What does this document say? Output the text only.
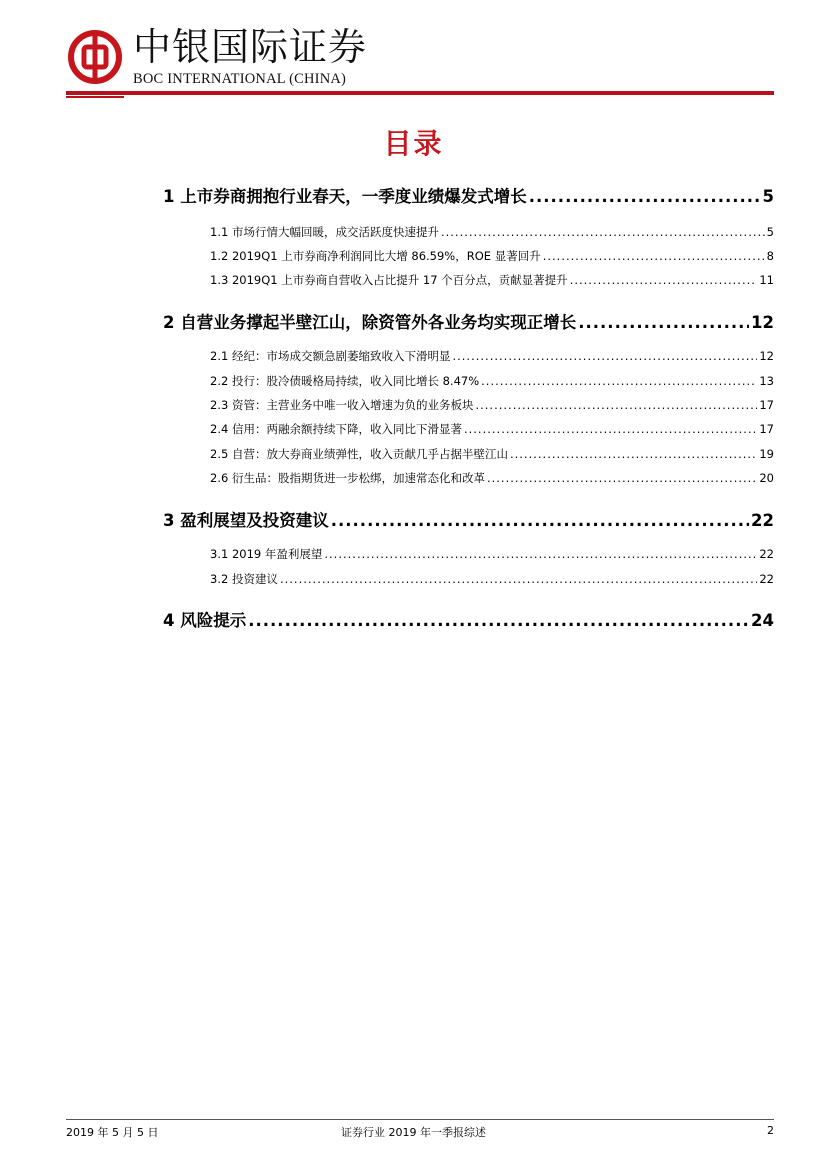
中银国际证券
BOC INTERNATIONAL (CHINA)
目录
1 上市券商拥抱行业春天，一季度业绩爆发式增长 .....	5
1.1 市场行情大幅回暖，成交活跃度快速提升 .....	5
1.2 2019Q1 上市券商净利润同比大增 86.59%，ROE 显著回升 .....	8
1.3 2019Q1 上市券商自营收入占比提升 17 个百分点，贡献显著提升 .....	11
2 自营业务撑起半壁江山，除资管外各业务均实现正增长 .....	12
2.1 经纪：市场成交额急剧萎缩致收入下滑明显 .....	12
2.2 投行：股冷债暖格局持续，收入同比增长 8.47% .....	13
2.3 资管：主营业务中唯一收入增速为负的业务板块 .....	17
2.4 信用：两融余额持续下降，收入同比下滑显著 .....	17
2.5 自营：放大券商业绩弹性，收入贡献几乎占据半壁江山 .....	19
2.6 衍生品：股指期货进一步松绑，加速常态化和改革 .....	20
3 盈利展望及投资建议 .....	22
3.1 2019 年盈利展望 .....	22
3.2 投资建议 .....	22
4 风险提示 .....	24
2019 年 5 月 5 日	证券行业 2019 年一季报综述	2
